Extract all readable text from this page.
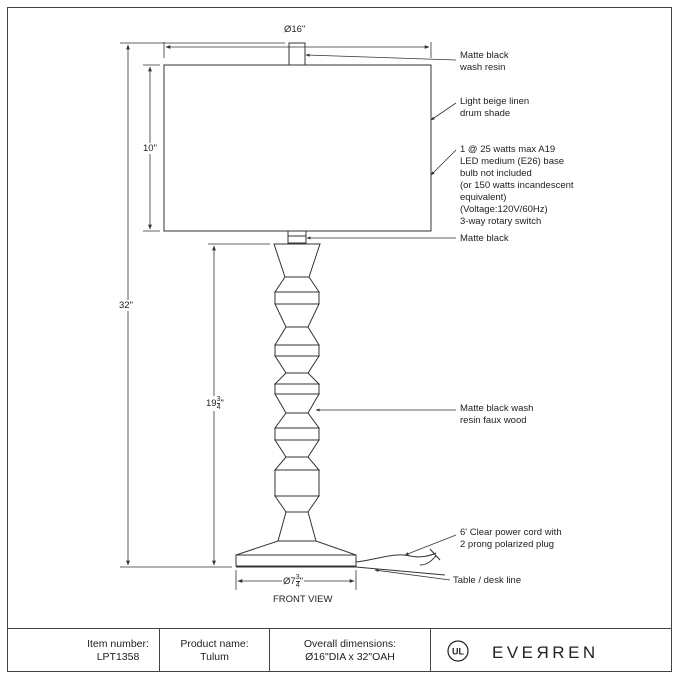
Ø16"
10"
32"
$19 \frac{3}{4}$ "
Ø7 $\frac{3}{4}$ "
FRONT VIEW
Matte black
wash resin
Light beige linen
drum shade
1 @ 25 watts max A19
LED medium (E26) base
bulb not included
(or 150 watts incandescent
equivalent)
(Voltage:120V/60Hz)
3-way rotary switch
Matte black
Matte black wash
resin faux wood
6' Clear power cord with
2 prong polarized plug
Table / desk line
Item number:
LPT1358
Product name:
Tulum
Overall dimensions:
Ø16"DIA x 32"OAH	UL EVEЯREN
